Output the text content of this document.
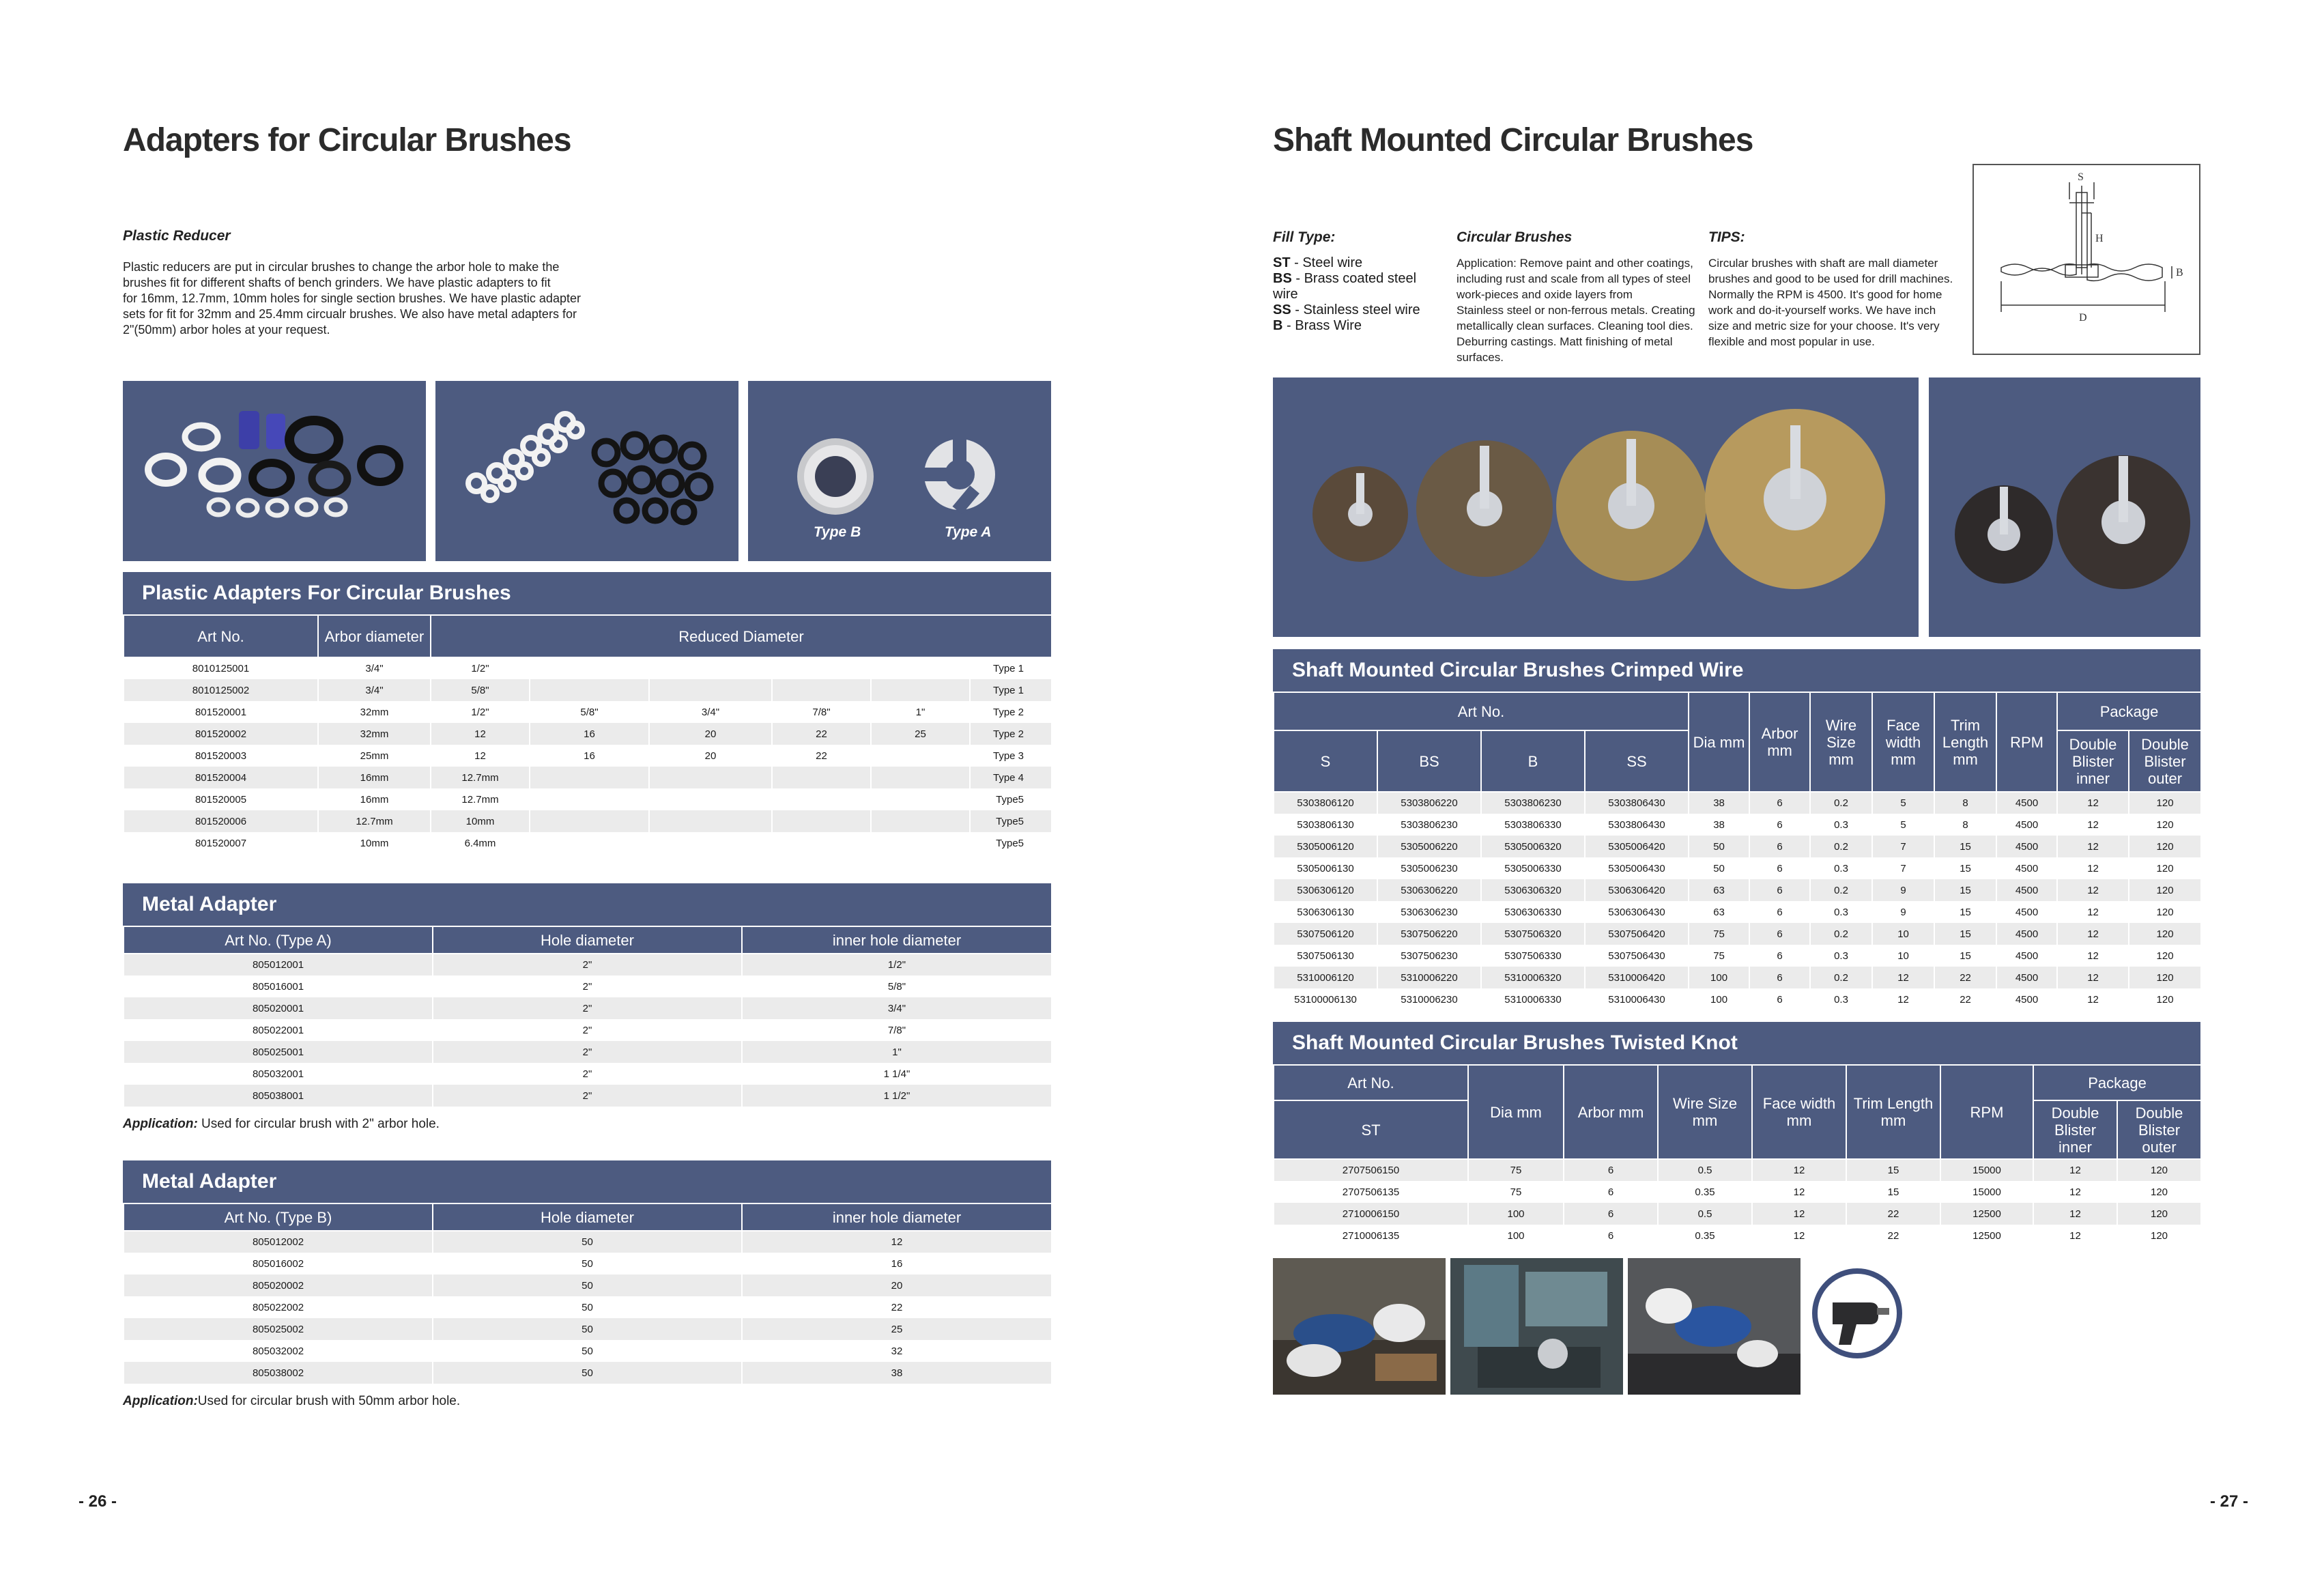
Adapters for Circular Brushes
Plastic Reducer
Plastic reducers are put in circular brushes to change the arbor hole to make the
brushes fit for different shafts of bench grinders. We have plastic adapters to fit
for 16mm, 12.7mm, 10mm holes for single section brushes. We have plastic adapter
sets for fit for 32mm and 25.4mm circualr brushes. We also have metal adapters for
2"(50mm) arbor holes at your request.
Type B	Type A
Plastic Adapters For Circular Brushes
Art No.	Arbor diameter	Reduced Diameter					
8010125001	3/4"	1/2"					Type 1
8010125002	3/4"	5/8"					Type 1
801520001	32mm	1/2"	5/8"	3/4"	7/8"	1"	Type 2
801520002	32mm	12	16	20	22	25	Type 2
801520003	25mm	12	16	20	22		Type 3
801520004	16mm	12.7mm					Type 4
801520005	16mm	12.7mm					Type5
801520006	12.7mm	10mm					Type5
801520007	10mm	6.4mm					Type5
Metal Adapter
Art No. (Type A)	Hole diameter	inner hole diameter
805012001	2"	1/2"
805016001	2"	5/8"
805020001	2"	3/4"
805022001	2"	7/8"
805025001	2"	1"
805032001	2"	1 1/4"
805038001	2"	1 1/2"
Application: Used for circular brush with 2" arbor hole.
Metal Adapter
Art No. (Type B)	Hole diameter	inner hole diameter
805012002	50	12
805016002	50	16
805020002	50	20
805022002	50	22
805025002	50	25
805032002	50	32
805038002	50	38
Application:Used for circular brush with 50mm arbor hole.
- 26 -
Shaft Mounted Circular Brushes
Fill Type:
ST - Steel wire
BS - Brass coated steel wire
SS - Stainless steel wire
B - Brass Wire
Circular Brushes
Application: Remove paint and other coatings,
including rust and scale from all types of steel
work-pieces and oxide layers from
Stainless steel or non-ferrous metals. Creating
metallically clean surfaces. Cleaning tool dies.
Deburring castings. Matt finishing of metal
surfaces.
TIPS:
Circular brushes with shaft are mall diameter
brushes and good to be used for drill machines.
Normally the RPM is 4500. It's good for home
work and do-it-yourself works. We have inch
size and metric size for your choose. It's very
flexible and most popular in use.
S
H
B
D
Shaft Mounted Circular Brushes Crimped Wire
Art No.				Dia mm	Arbor mm	Wire Size mm	Face width mm	Trim Length mm	RPM	Package	
S	BS	B	SS							Double Blister inner	Double Blister outer
5303806120	5303806220	5303806230	5303806430	38	6	0.2	5	8	4500	12	120
5303806130	5303806230	5303806330	5303806430	38	6	0.3	5	8	4500	12	120
5305006120	5305006220	5305006320	5305006420	50	6	0.2	7	15	4500	12	120
5305006130	5305006230	5305006330	5305006430	50	6	0.3	7	15	4500	12	120
5306306120	5306306220	5306306320	5306306420	63	6	0.2	9	15	4500	12	120
5306306130	5306306230	5306306330	5306306430	63	6	0.3	9	15	4500	12	120
5307506120	5307506220	5307506320	5307506420	75	6	0.2	10	15	4500	12	120
5307506130	5307506230	5307506330	5307506430	75	6	0.3	10	15	4500	12	120
5310006120	5310006220	5310006320	5310006420	100	6	0.2	12	22	4500	12	120
53100006130	5310006230	5310006330	5310006430	100	6	0.3	12	22	4500	12	120
Shaft Mounted Circular Brushes Twisted Knot
Art No.	Dia mm	Arbor mm	Wire Size mm	Face width mm	Trim Length mm	RPM	Package	
ST							Double Blister inner	Double Blister outer
2707506150	75	6	0.5	12	15	15000	12	120
2707506135	75	6	0.35	12	15	15000	12	120
2710006150	100	6	0.5	12	22	12500	12	120
2710006135	100	6	0.35	12	22	12500	12	120
- 27 -
